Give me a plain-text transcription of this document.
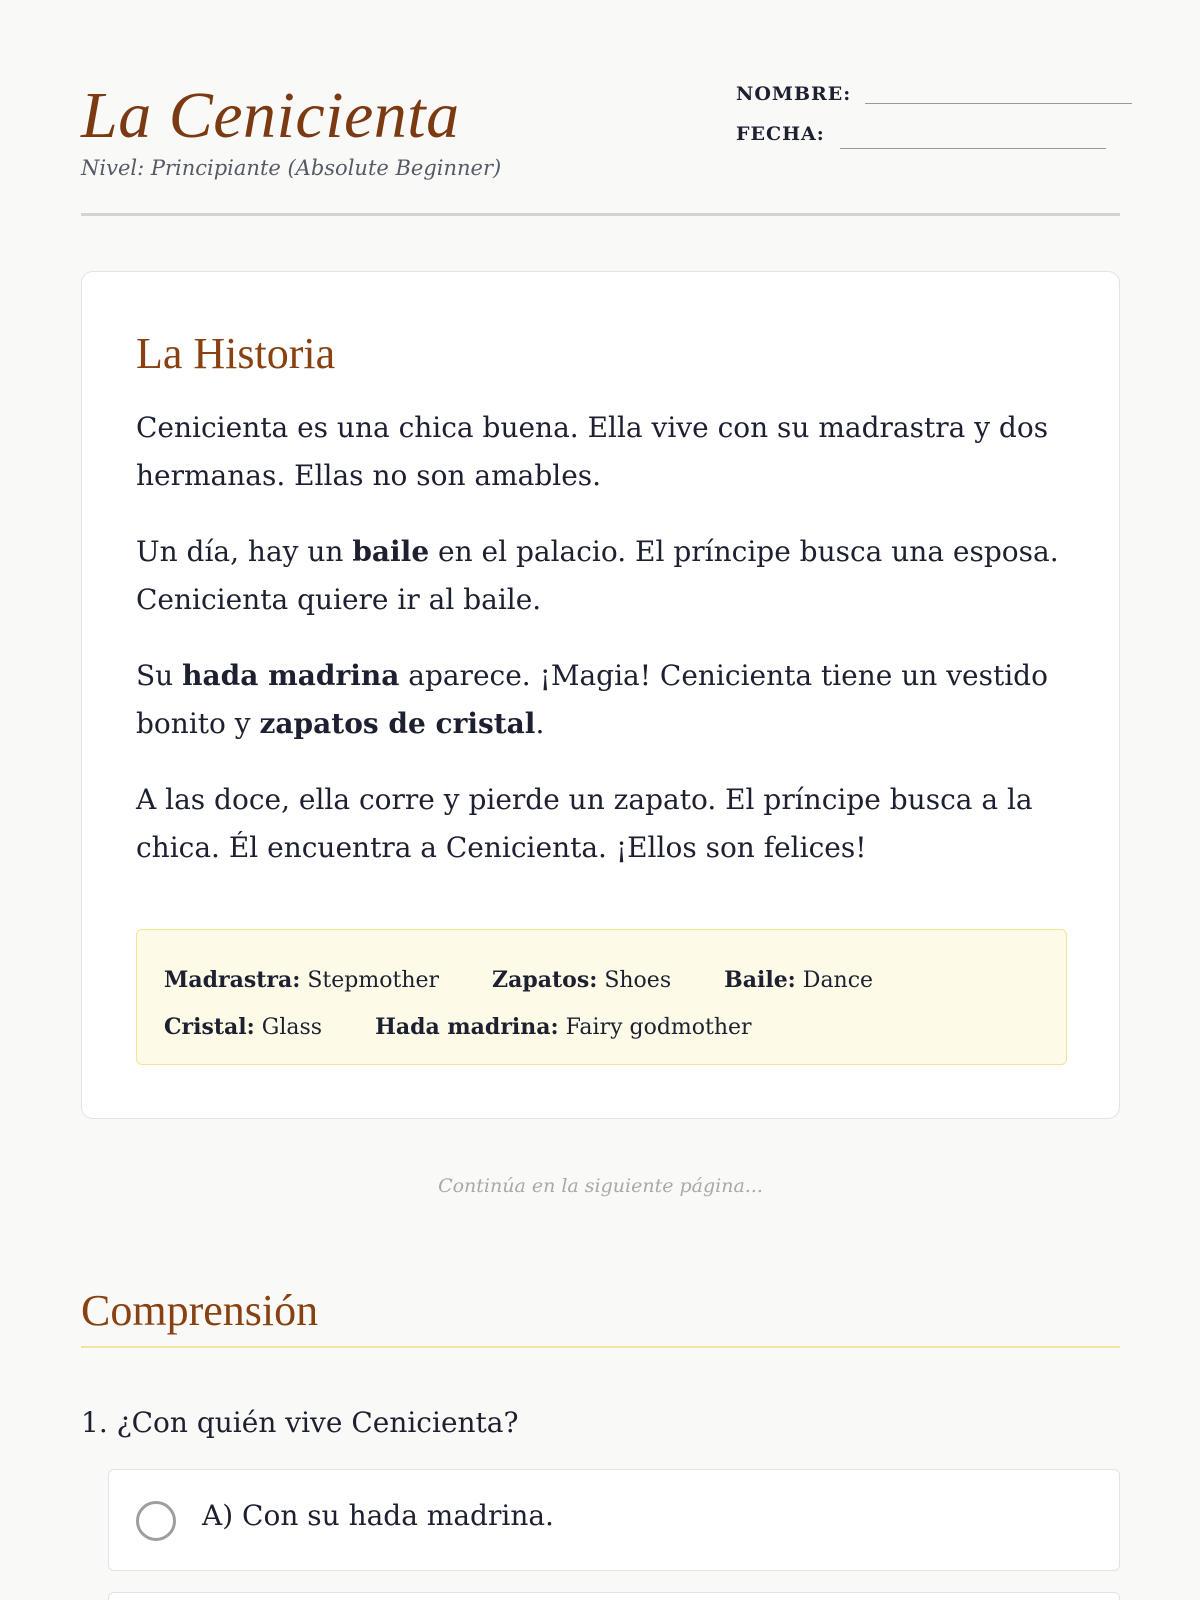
La Cenicienta
Nivel: Principiante (Absolute Beginner)
NOMBRE:
FECHA:
La Historia

Cenicienta es una chica buena. Ella vive con su madrastra y dos hermanas. Ellas no son amables.

Un día, hay un baile en el palacio. El príncipe busca una esposa. Cenicienta quiere ir al baile.

Su hada madrina aparece. ¡Magia! Cenicienta tiene un vestido bonito y zapatos de cristal.

A las doce, ella corre y pierde un zapato. El príncipe busca a la chica. Él encuentra a Cenicienta. ¡Ellos son felices!

Madrastra: Stepmother Zapatos: Shoes Baile: Dance
Cristal: Glass Hada madrina: Fairy godmother
Continúa en la siguiente página...
Comprensión
1. ¿Con quién vive Cenicienta?
A) Con su hada madrina.
